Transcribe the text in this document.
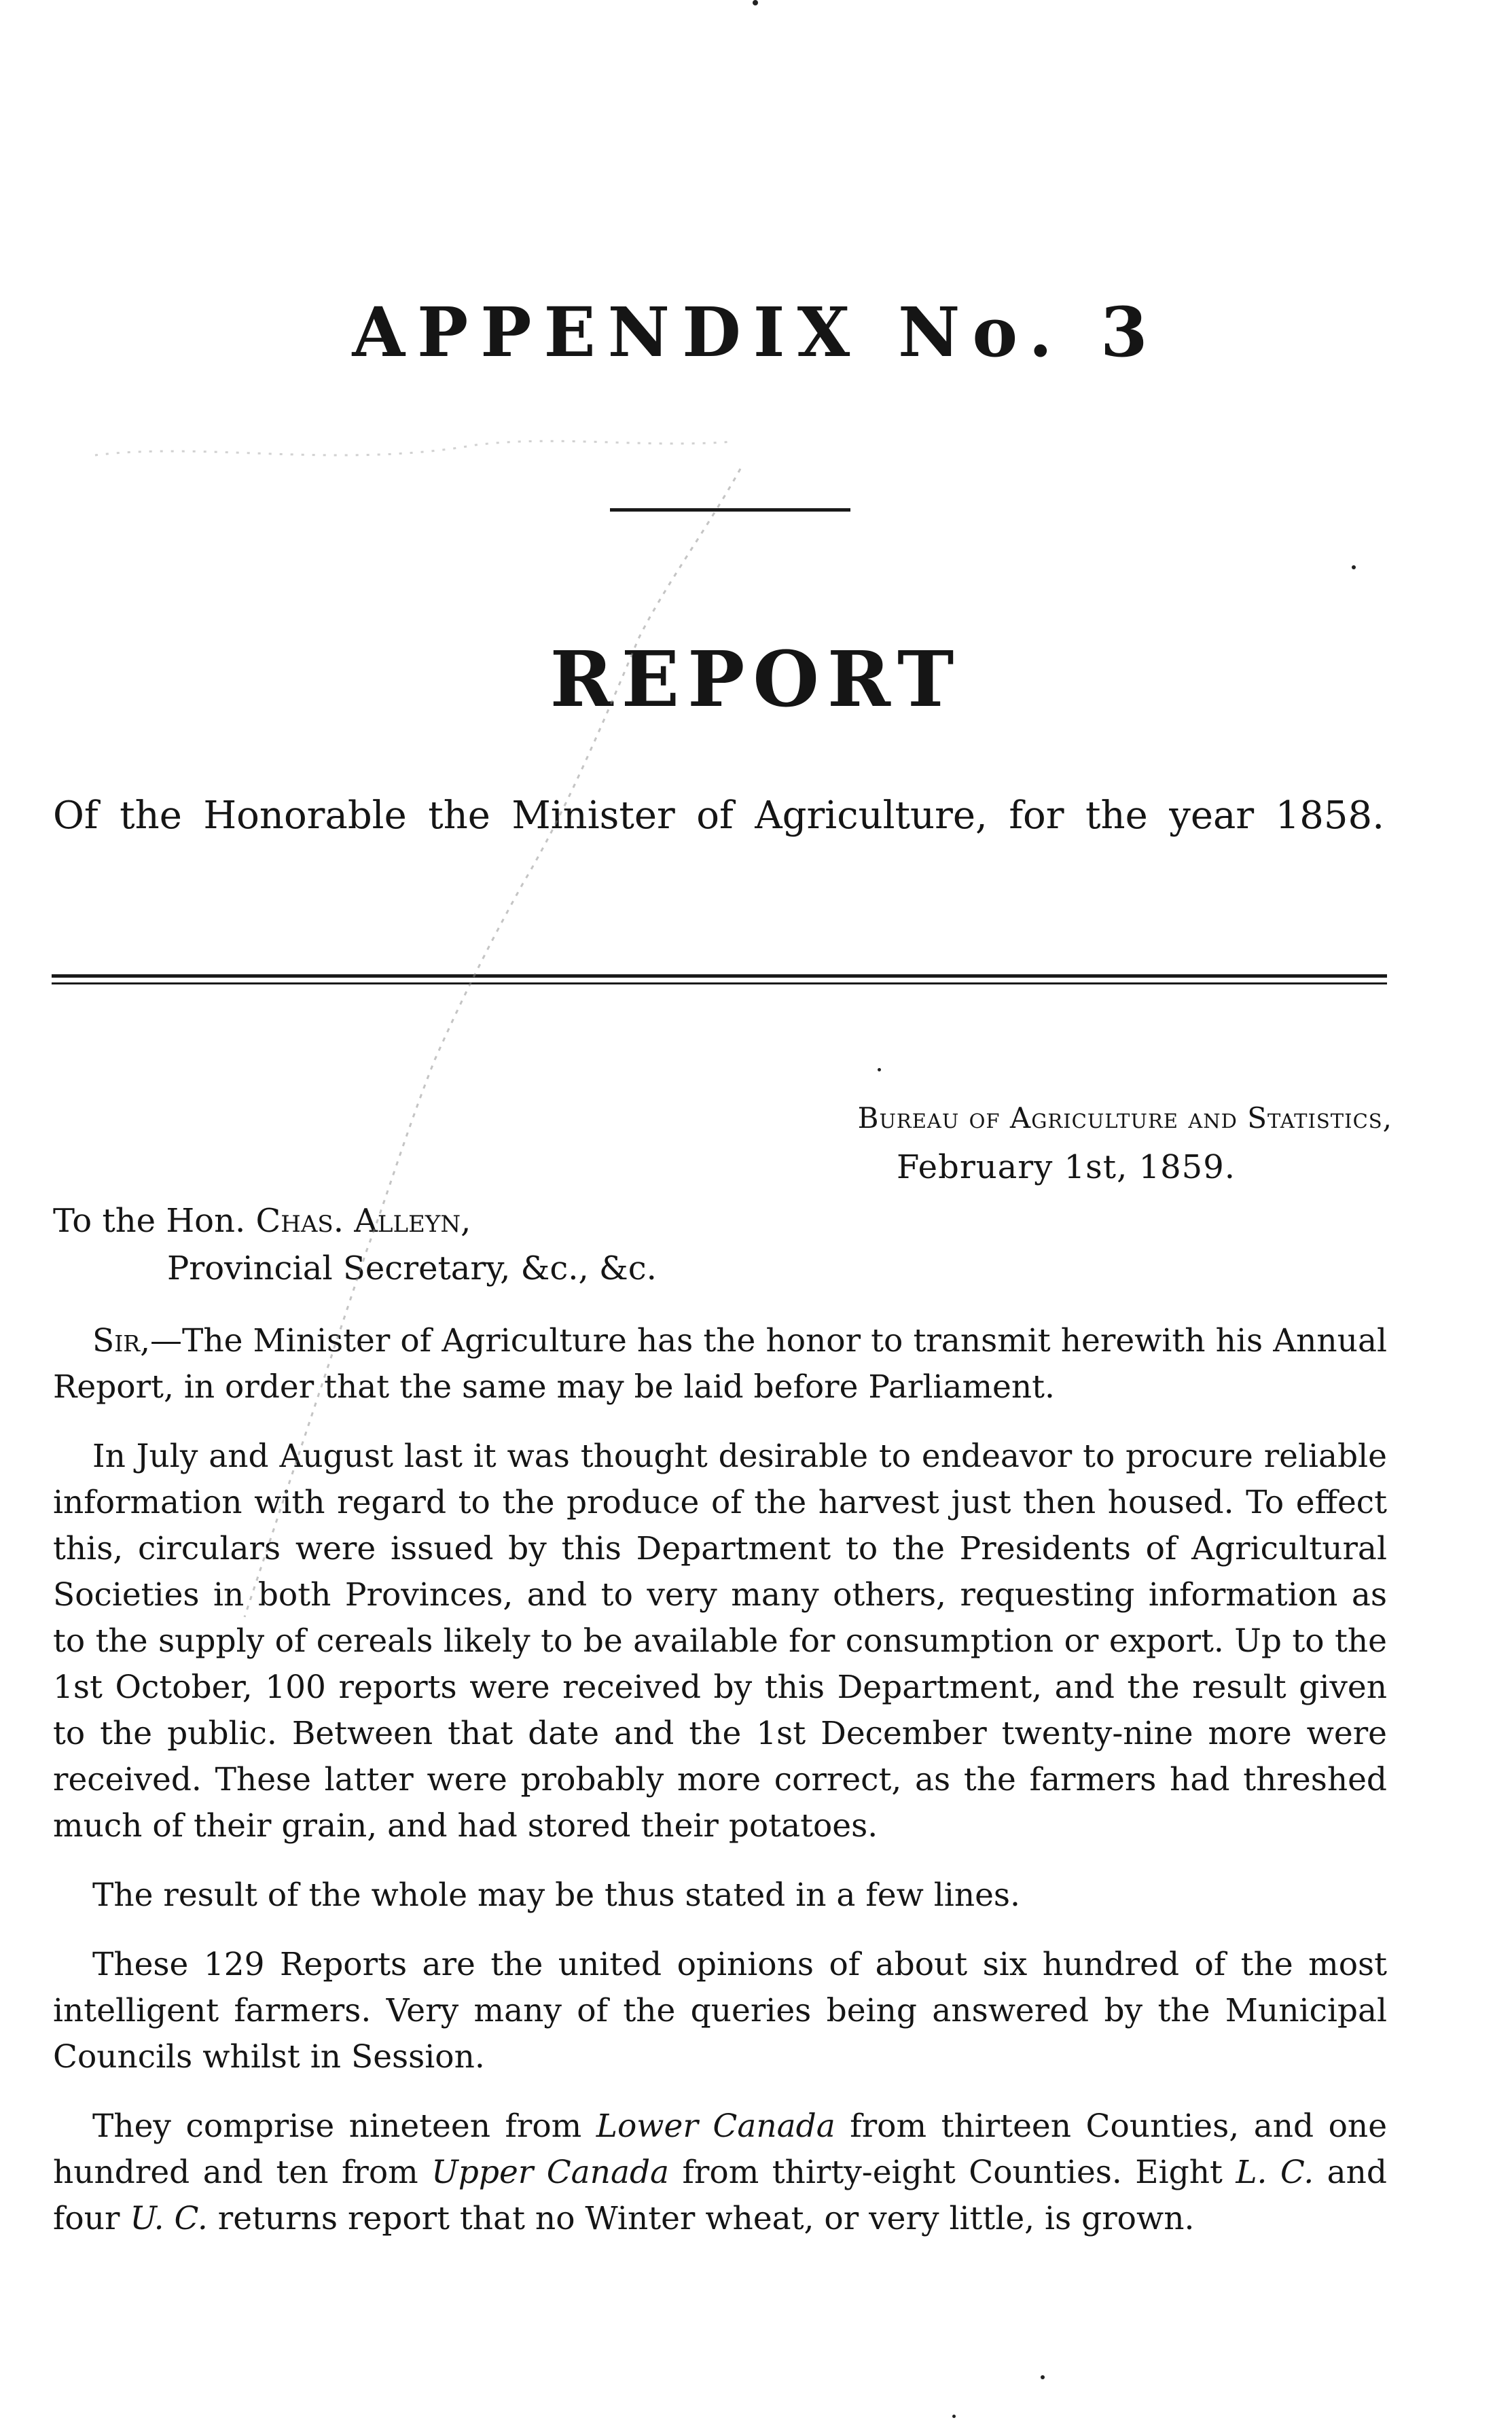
APPENDIX No. 3
REPORT
Of the Honorable the Minister of Agriculture, for the year 1858.
Bureau of Agriculture and Statistics,
February 1st, 1859.
To the Hon. Chas. Alleyn,
Provincial Secretary, &c., &c.

Sir,—The Minister of Agriculture has the honor to transmit herewith his Annual Report, in order that the same may be laid before Parliament.

In July and August last it was thought desirable to endeavor to procure reliable information with regard to the produce of the harvest just then housed. To effect this, circulars were issued by this Department to the Presidents of Agricultural Societies in both Provinces, and to very many others, requesting information as to the supply of cereals likely to be available for consumption or export. Up to the 1st October, 100 reports were received by this Department, and the result given to the public. Between that date and the 1st December twenty-nine more were received. These latter were probably more correct, as the farmers had threshed much of their grain, and had stored their potatoes.

The result of the whole may be thus stated in a few lines.

These 129 Reports are the united opinions of about six hundred of the most intelligent farmers. Very many of the queries being answered by the Municipal Councils whilst in Session.

They comprise nineteen from Lower Canada from thirteen Counties, and one hundred and ten from Upper Canada from thirty-eight Counties. Eight L. C. and four U. C. returns report that no Winter wheat, or very little, is grown.
